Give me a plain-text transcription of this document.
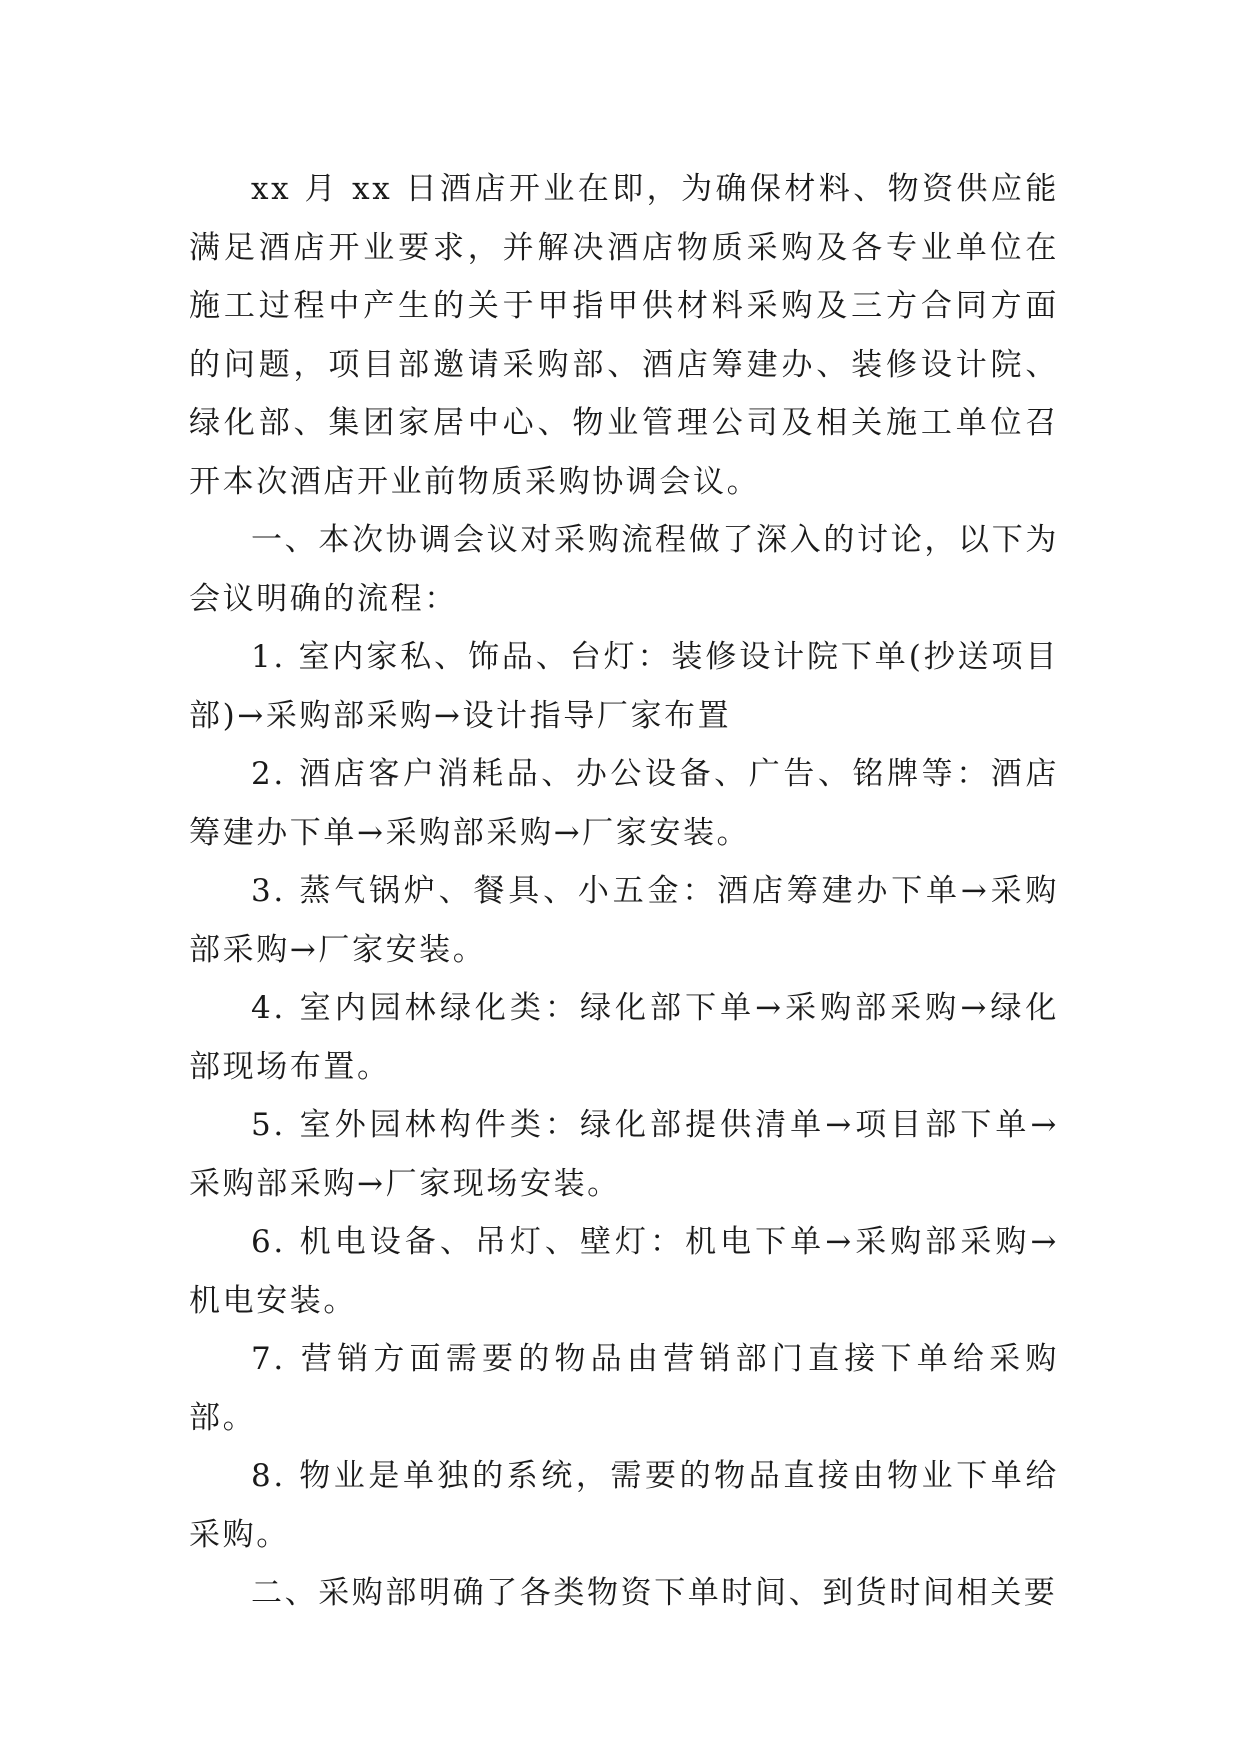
xx 月 xx 日酒店开业在即，为确保材料、物资供应能满足酒店开业要求，并解决酒店物质采购及各专业单位在施工过程中产生的关于甲指甲供材料采购及三方合同方面的问题，项目部邀请采购部、酒店筹建办、装修设计院、绿化部、集团家居中心、物业管理公司及相关施工单位召开本次酒店开业前物质采购协调会议。

一、本次协调会议对采购流程做了深入的讨论，以下为会议明确的流程：

1. 室内家私、饰品、台灯：装修设计院下单(抄送项目部)→采购部采购→设计指导厂家布置

2. 酒店客户消耗品、办公设备、广告、铭牌等：酒店筹建办下单→采购部采购→厂家安装。

3. 蒸气锅炉、餐具、小五金：酒店筹建办下单→采购部采购→厂家安装。

4. 室内园林绿化类：绿化部下单→采购部采购→绿化部现场布置。

5. 室外园林构件类：绿化部提供清单→项目部下单→采购部采购→厂家现场安装。

6. 机电设备、吊灯、壁灯：机电下单→采购部采购→机电安装。

7. 营销方面需要的物品由营销部门直接下单给采购部。

8. 物业是单独的系统，需要的物品直接由物业下单给采购。

二、采购部明确了各类物资下单时间、到货时间相关要
